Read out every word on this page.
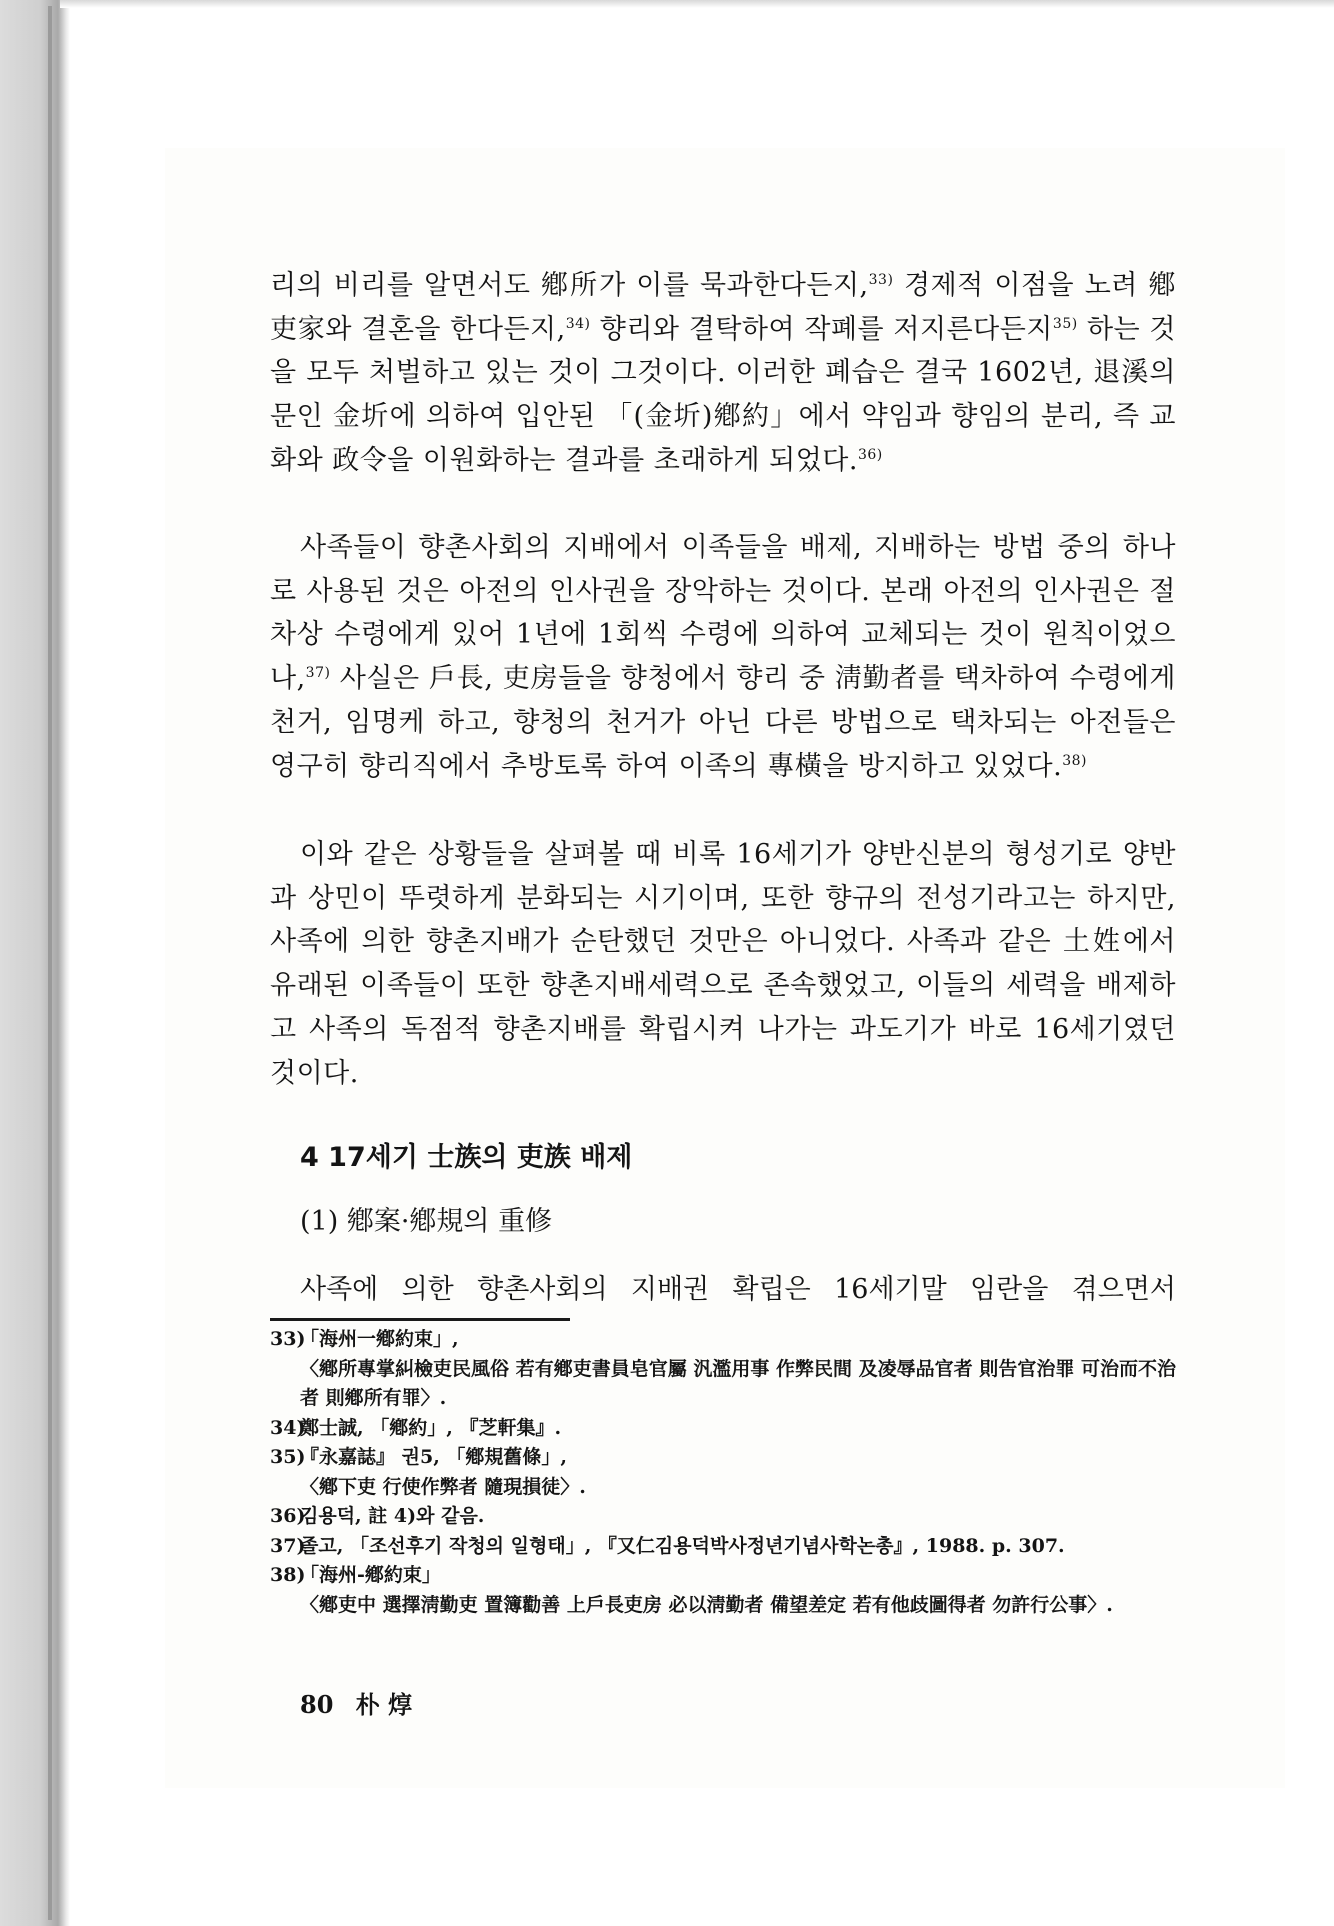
리의 비리를 알면서도 鄕所가 이를 묵과한다든지,$^{33)}$ 경제적 이점을 노려 鄕吏家와 결혼을 한다든지,$^{34)}$ 향리와 결탁하여 작폐를 저지른다든지$^{35)}$ 하는 것을 모두 처벌하고 있는 것이 그것이다. 이러한 폐습은 결국 1602년, 退溪의 문인 金圻에 의하여 입안된 「(金圻)鄕約」에서 약임과 향임의 분리, 즉 교화와 政令을 이원화하는 결과를 초래하게 되었다.$^{36)}$

사족들이 향촌사회의 지배에서 이족들을 배제, 지배하는 방법 중의 하나로 사용된 것은 아전의 인사권을 장악하는 것이다. 본래 아전의 인사권은 절차상 수령에게 있어 1년에 1회씩 수령에 의하여 교체되는 것이 원칙이었으나,$^{37)}$ 사실은 戶長, 吏房들을 향청에서 향리 중 淸勤者를 택차하여 수령에게 천거, 임명케 하고, 향청의 천거가 아닌 다른 방법으로 택차되는 아전들은 영구히 향리직에서 추방토록 하여 이족의 專橫을 방지하고 있었다.$^{38)}$

이와 같은 상황들을 살펴볼 때 비록 16세기가 양반신분의 형성기로 양반과 상민이 뚜렷하게 분화되는 시기이며, 또한 향규의 전성기라고는 하지만, 사족에 의한 향촌지배가 순탄했던 것만은 아니었다. 사족과 같은 土姓에서 유래된 이족들이 또한 향촌지배세력으로 존속했었고, 이들의 세력을 배제하고 사족의 독점적 향촌지배를 확립시켜 나가는 과도기가 바로 16세기였던 것이다.

4 17세기 士族의 吏族 배제
(1) 鄕案·鄕規의 重修
사족에 의한 향촌사회의 지배권 확립은 16세기말 임란을 겪으면서
33)
「海州一鄕約束」,
〈鄕所專掌糾檢吏民風俗 若有鄕吏書員皂官屬 汎濫用事 作弊民間 及凌辱品官者 則告官治罪 可治而不治者 則鄕所有罪〉.
34)
鄭士誠, 「鄕約」, 『芝軒集』.
35)
『永嘉誌』 권5, 「鄕規舊條」,
〈鄕下吏 行使作弊者 隨現損徒〉.
36)
김용덕, 註 4)와 같음.
37)
졸고, 「조선후기 작청의 일형태」, 『又仁김용덕박사정년기념사학논총』, 1988. p. 307.
38)
「海州-鄕約束」
〈鄕吏中 選擇淸勤吏 置簿勸善 上戶長吏房 必以淸勤者 備望差定 若有他歧圖得者 勿許行公事〉.
80 朴 焞
